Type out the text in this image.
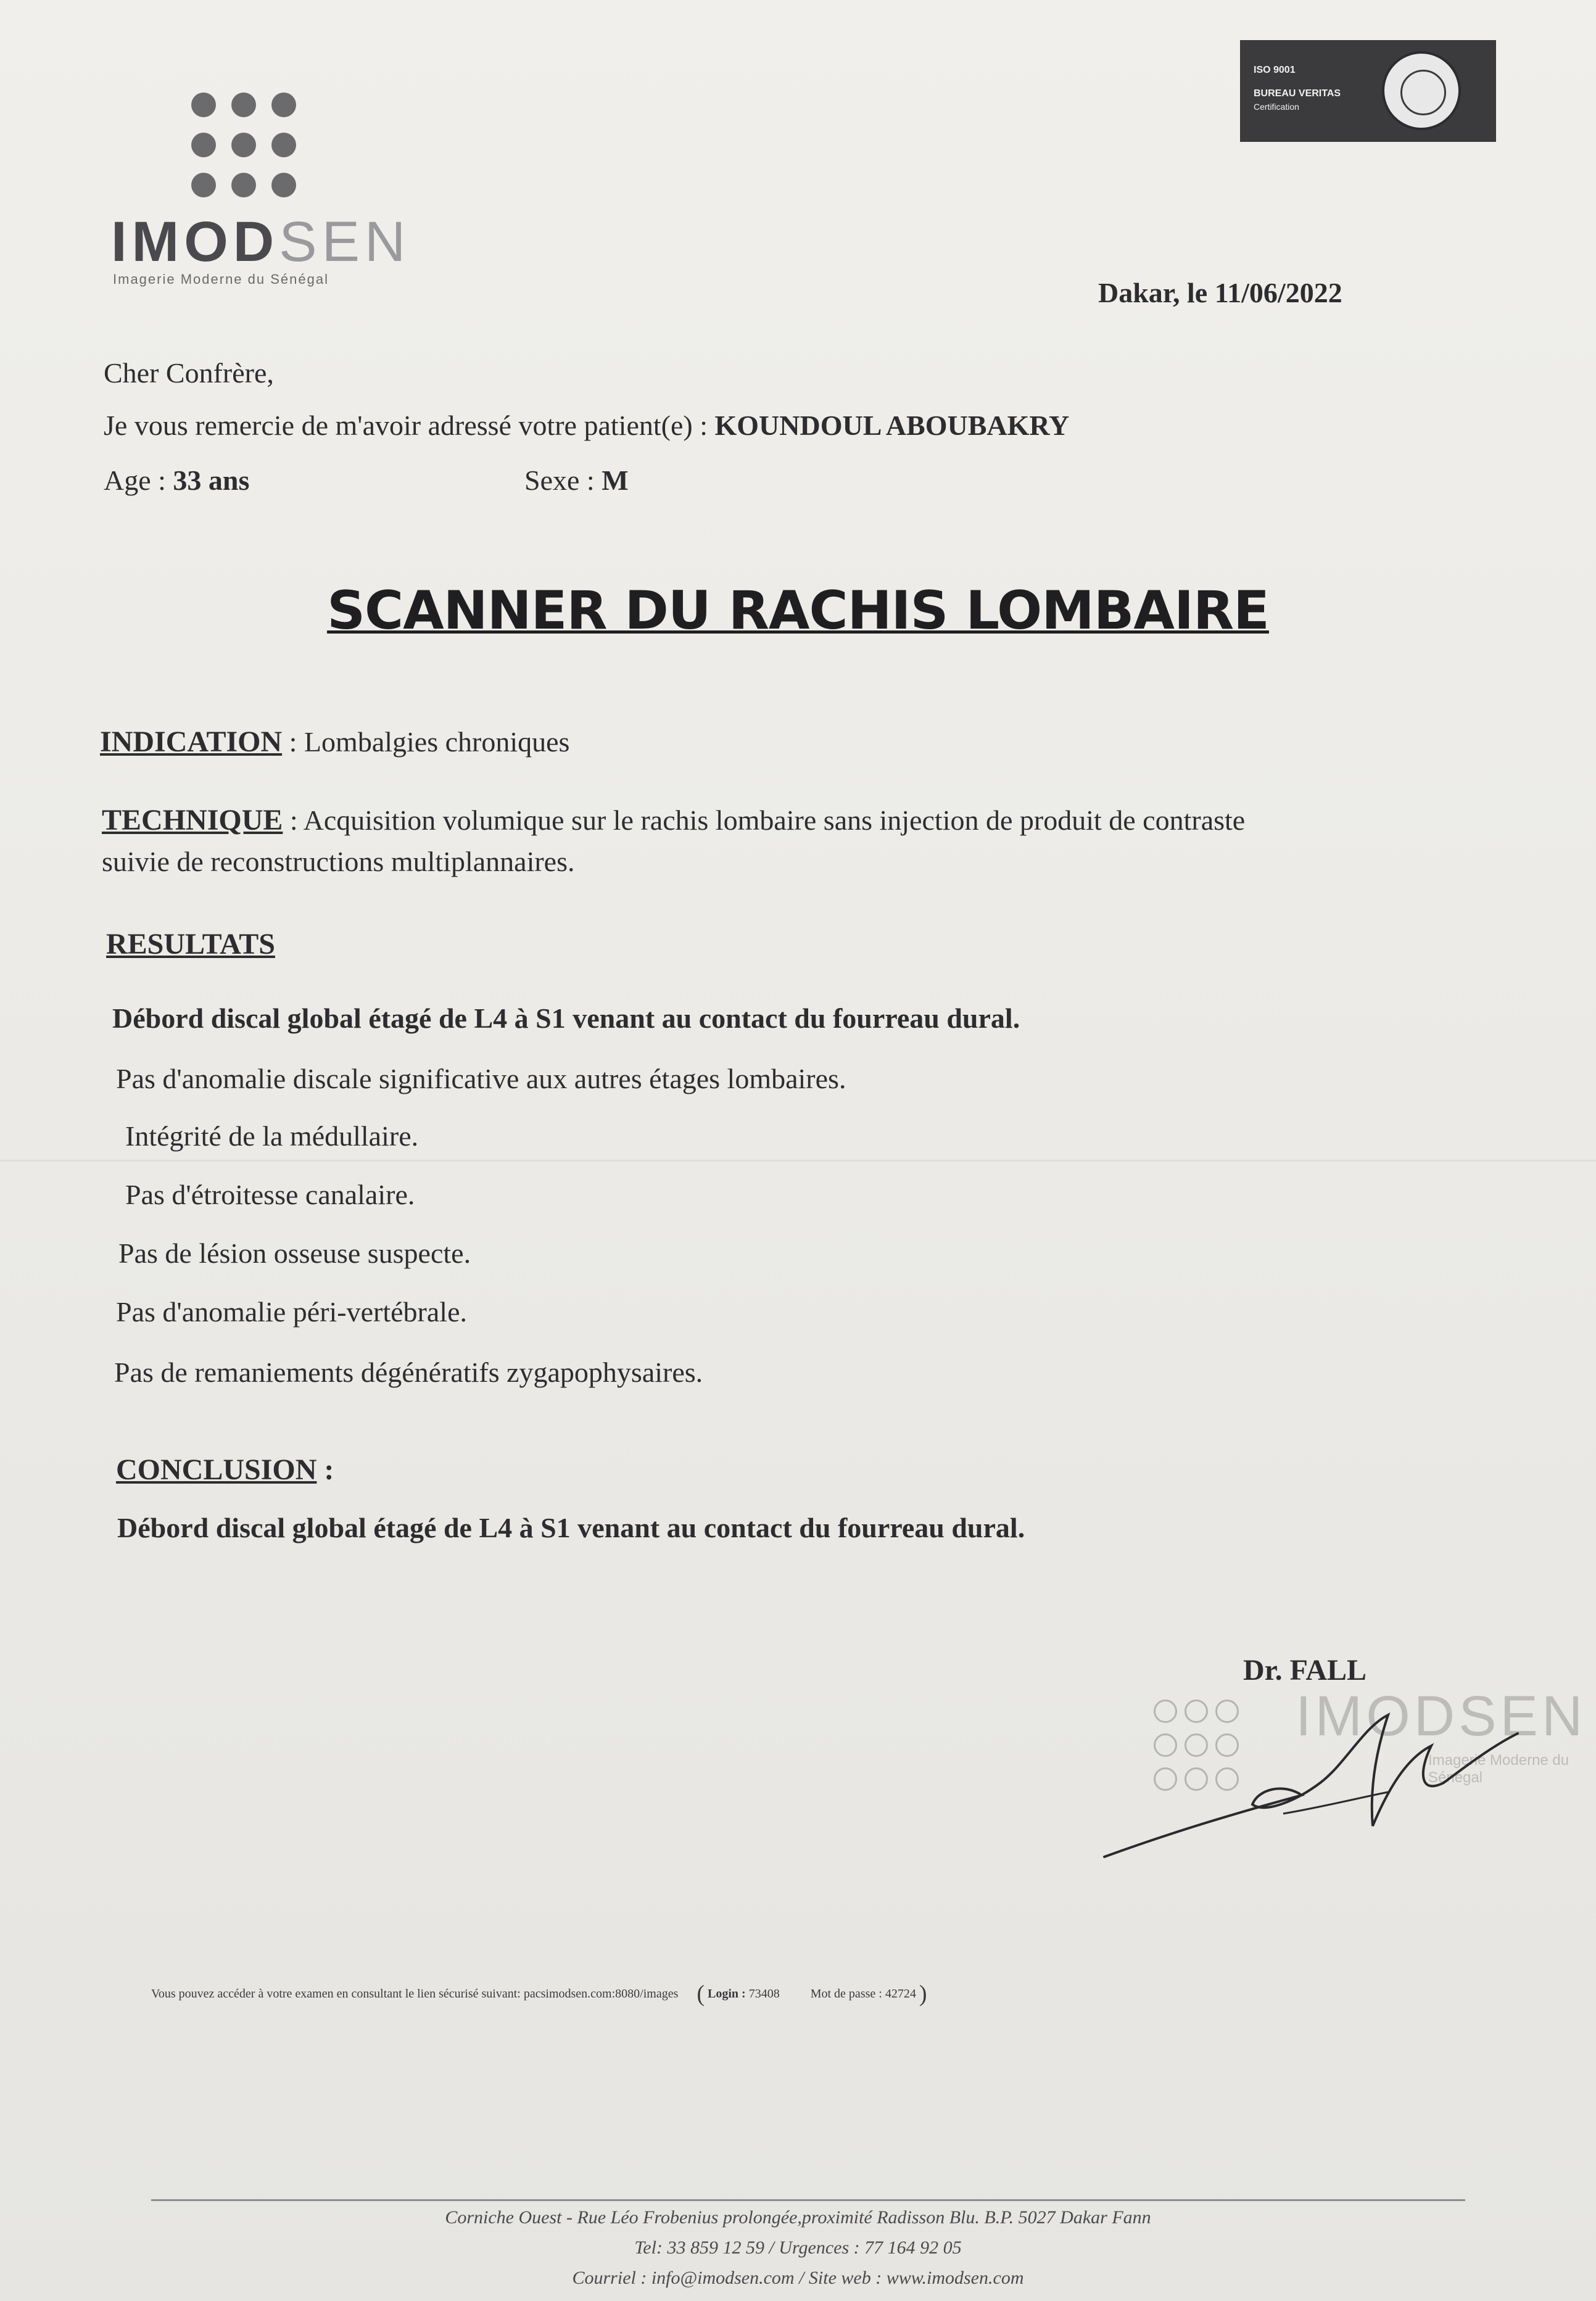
IMODSEN
Imagerie Moderne du Sénégal
ISO 9001
BUREAU VERITAS
Certification
Dakar, le 11/06/2022
Cher Confrère,
Je vous remercie de m'avoir adressé votre patient(e) : KOUNDOUL ABOUBAKRY
Age : 33 ans	Sexe : M
SCANNER DU RACHIS LOMBAIRE
INDICATION : Lombalgies chroniques
TECHNIQUE : Acquisition volumique sur le rachis lombaire sans injection de produit de contraste
suivie de reconstructions multiplannaires.
RESULTATS
Débord discal global étagé de L4 à S1 venant au contact du fourreau dural.
Pas d'anomalie discale significative aux autres étages lombaires.
Intégrité de la médullaire.
Pas d'étroitesse canalaire.
Pas de lésion osseuse suspecte.
Pas d'anomalie péri-vertébrale.
Pas de remaniements dégénératifs zygapophysaires.
CONCLUSION :
Débord discal global étagé de L4 à S1 venant au contact du fourreau dural.
Dr. FALL
IMODSEN
Imagerie Moderne du Sénégal
Vous pouvez accéder à votre examen en consultant le lien sécurisé suivant: pacsimodsen.com:8080/images ( Login : 73408	Mot de passe : 42724 )
Corniche Ouest - Rue Léo Frobenius prolongée,proximité Radisson Blu. B.P. 5027 Dakar Fann
Tel: 33 859 12 59 / Urgences : 77 164 92 05
Courriel : info@imodsen.com / Site web : www.imodsen.com
